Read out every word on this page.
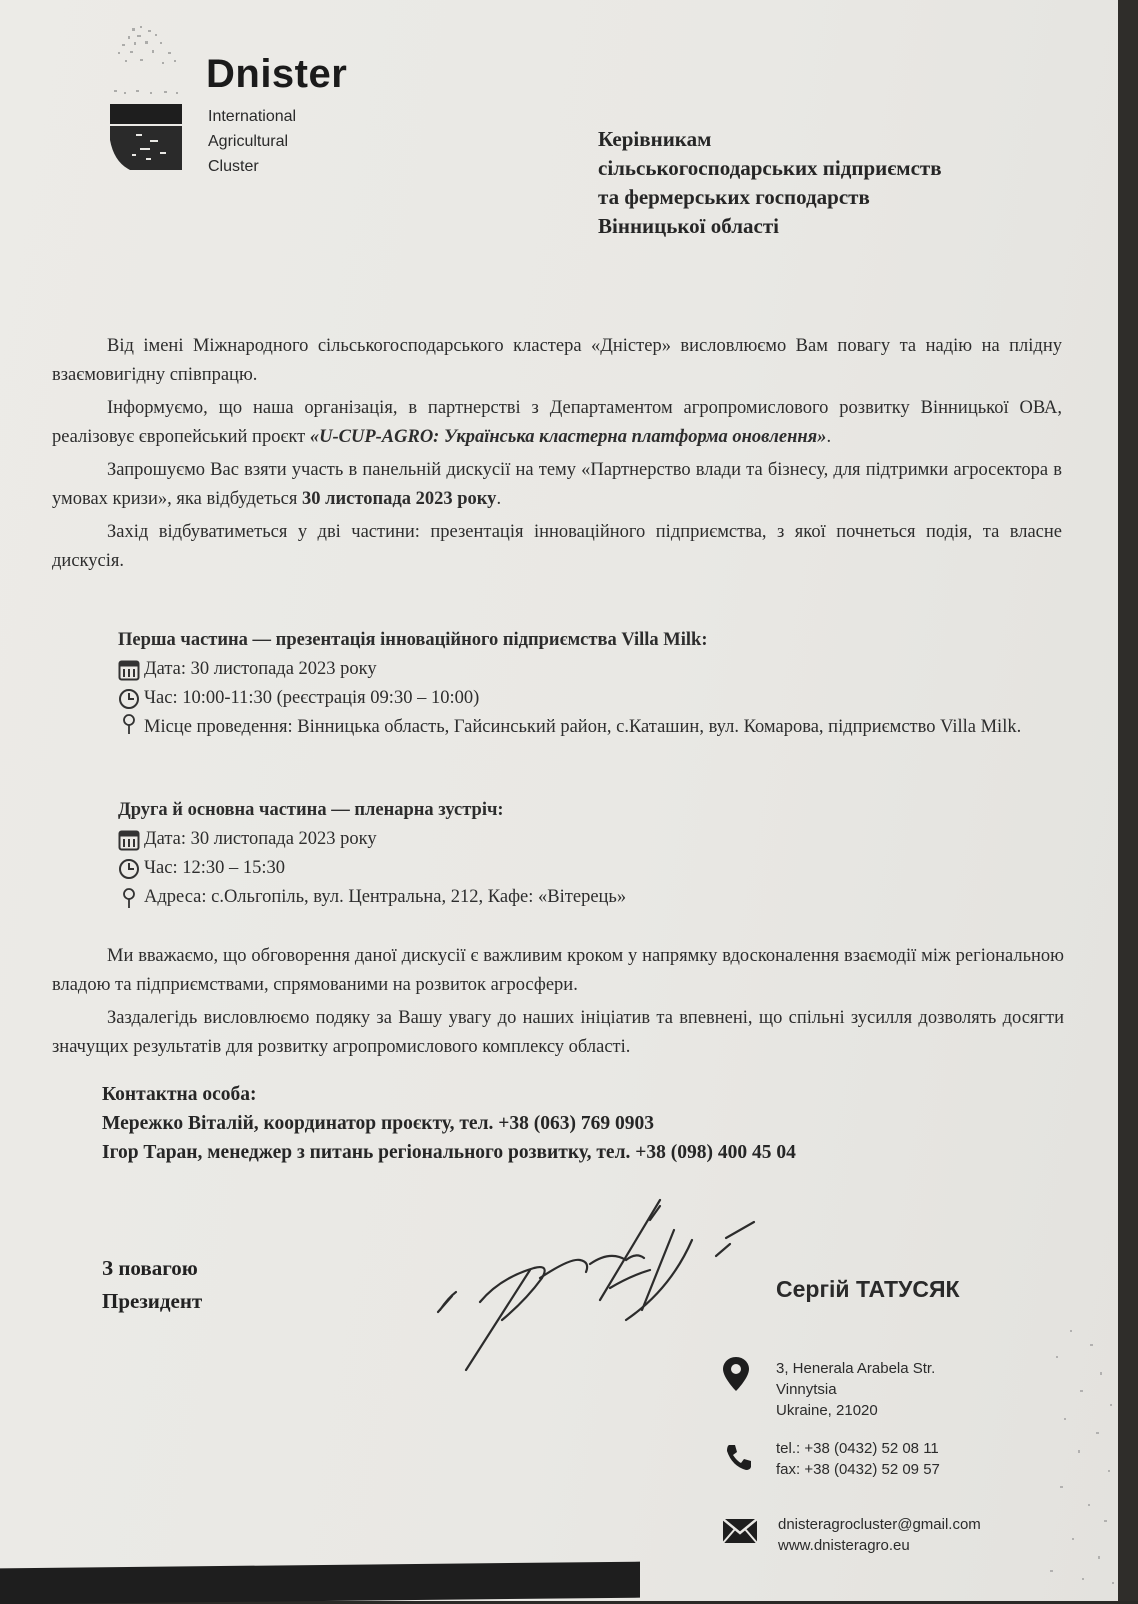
Dnister
International
Agricultural
Cluster
Керівникам
сільськогосподарських підприємств
та фермерських господарств
Вінницької області

Від імені Міжнародного сільськогосподарського кластера «Дністер» висловлюємо Вам повагу та надію на плідну взаємовигідну співпрацю.

Інформуємо, що наша організація, в партнерстві з Департаментом агропромислового розвитку Вінницької ОВА, реалізовує європейський проєкт «U-CUP-AGRO: Українська кластерна платформа оновлення».

Запрошуємо Вас взяти участь в панельній дискусії на тему «Партнерство влади та бізнесу, для підтримки агросектора в умовах кризи», яка відбудеться 30 листопада 2023 року.

Захід відбуватиметься у дві частини: презентація інноваційного підприємства, з якої почнеться подія, та власне дискусія.

Перша частина — презентація інноваційного підприємства Villa Milk:
Дата: 30 листопада 2023 року
Час: 10:00-11:30 (реєстрація 09:30 – 10:00)
Місце проведення: Вінницька область, Гайсинський район, с.Каташин, вул. Комарова, підприємство Villa Milk.
Друга й основна частина — пленарна зустріч:
Дата: 30 листопада 2023 року
Час: 12:30 – 15:30
Адреса: с.Ольгопіль, вул. Центральна, 212, Кафе: «Вітерець»

Ми вважаємо, що обговорення даної дискусії є важливим кроком у напрямку вдосконалення взаємодії між регіональною владою та підприємствами, спрямованими на розвиток агросфери.

Заздалегідь висловлюємо подяку за Вашу увагу до наших ініціатив та впевнені, що спільні зусилля дозволять досягти значущих результатів для розвитку агропромислового комплексу області.

Контактна особа:
Мережко Віталій, координатор проєкту, тел. +38 (063) 769 0903
Ігор Таран, менеджер з питань регіонального розвитку, тел. +38 (098) 400 45 04
З повагою
Президент	Сергій ТАТУСЯК
3, Henerala Arabela Str.
Vinnytsia
Ukraine, 21020
tel.: +38 (0432) 52 08 11
fax: +38 (0432) 52 09 57
dnisteragrocluster@gmail.com
www.dnisteragro.eu
